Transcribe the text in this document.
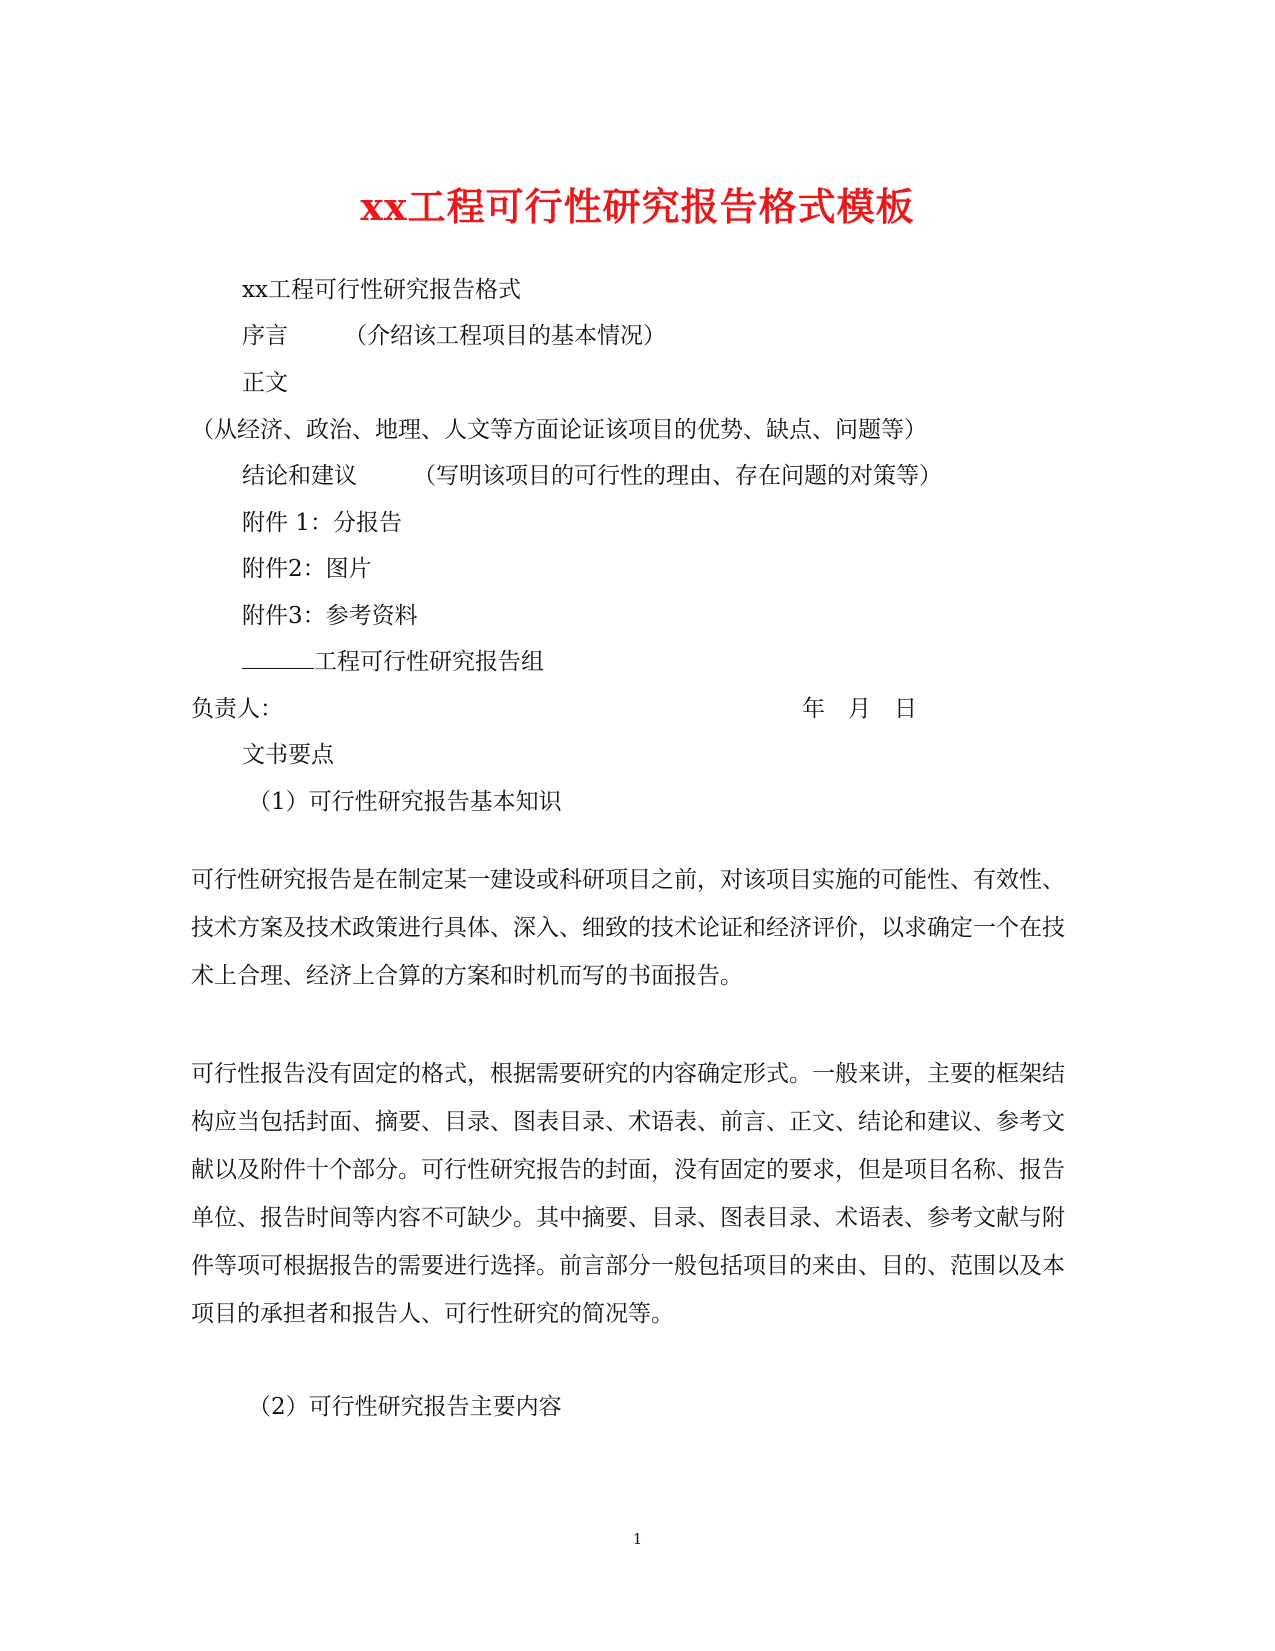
xx工程可行性研究报告格式模板
xx工程可行性研究报告格式
序言 （介绍该工程项目的基本情况）
正文
（从经济、政治、地理、人文等方面论证该项目的优势、缺点、问题等）
结论和建议 （写明该项目的可行性的理由、存在问题的对策等）
附件 1：分报告
附件2：图片
附件3：参考资料
工程可行性研究报告组
负责人：	年　月　日
文书要点
（1）可行性研究报告基本知识
可行性研究报告是在制定某一建设或科研项目之前，对该项目实施的可能性、有效性、技术方案及技术政策进行具体、深入、细致的技术论证和经济评价，以求确定一个在技术上合理、经济上合算的方案和时机而写的书面报告。
可行性报告没有固定的格式，根据需要研究的内容确定形式。一般来讲，主要的框架结构应当包括封面、摘要、目录、图表目录、术语表、前言、正文、结论和建议、参考文献以及附件十个部分。可行性研究报告的封面，没有固定的要求，但是项目名称、报告单位、报告时间等内容不可缺少。其中摘要、目录、图表目录、术语表、参考文献与附件等项可根据报告的需要进行选择。前言部分一般包括项目的来由、目的、范围以及本项目的承担者和报告人、可行性研究的简况等。
（2）可行性研究报告主要内容
1
